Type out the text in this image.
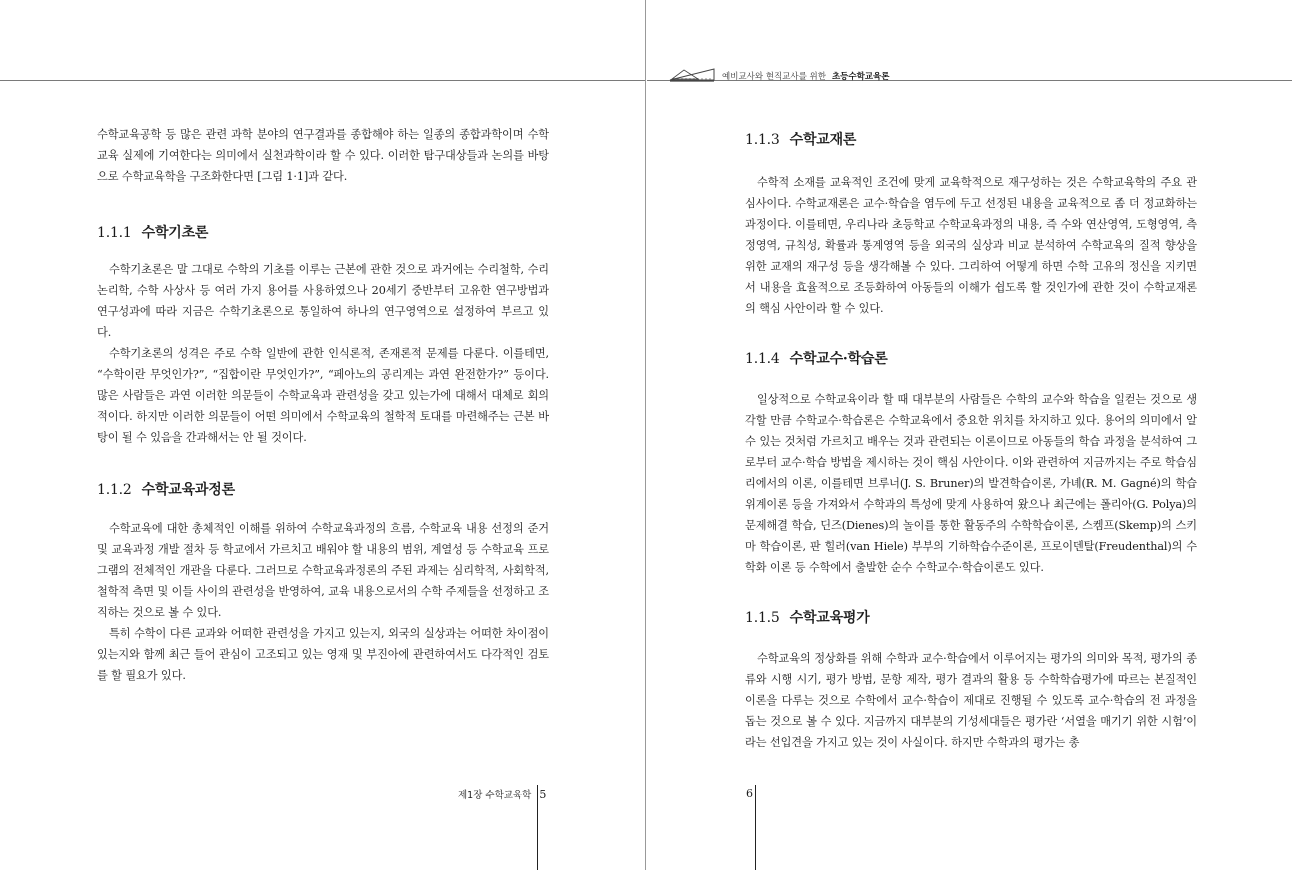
예비교사와 현직교사를 위한 초등수학교육론

수학교육공학 등 많은 관련 과학 분야의 연구결과를 종합해야 하는 일종의 종합과학이며 수학교육 실제에 기여한다는 의미에서 실천과학이라 할 수 있다. 이러한 탐구대상들과 논의를 바탕으로 수학교육학을 구조화한다면 [그림 1·1]과 같다.

1.1.1 수학기초론

수학기초론은 말 그대로 수학의 기초를 이루는 근본에 관한 것으로 과거에는 수리철학, 수리 논리학, 수학 사상사 등 여러 가지 용어를 사용하였으나 20세기 중반부터 고유한 연구방법과 연구성과에 따라 지금은 수학기초론으로 통일하여 하나의 연구영역으로 설정하여 부르고 있다.

수학기초론의 성격은 주로 수학 일반에 관한 인식론적, 존재론적 문제를 다룬다. 이를테면, “수학이란 무엇인가?”, “집합이란 무엇인가?”, “페아노의 공리계는 과연 완전한가?” 등이다. 많은 사람들은 과연 이러한 의문들이 수학교육과 관련성을 갖고 있는가에 대해서 대체로 회의적이다. 하지만 이러한 의문들이 어떤 의미에서 수학교육의 철학적 토대를 마련해주는 근본 바탕이 될 수 있음을 간과해서는 안 될 것이다.

1.1.2 수학교육과정론

수학교육에 대한 총체적인 이해를 위하여 수학교육과정의 흐름, 수학교육 내용 선정의 준거 및 교육과정 개발 절차 등 학교에서 가르치고 배워야 할 내용의 범위, 계열성 등 수학교육 프로그램의 전체적인 개관을 다룬다. 그러므로 수학교육과정론의 주된 과제는 심리학적, 사회학적, 철학적 측면 및 이들 사이의 관련성을 반영하여, 교육 내용으로서의 수학 주제들을 선정하고 조직하는 것으로 볼 수 있다.

특히 수학이 다른 교과와 어떠한 관련성을 가지고 있는지, 외국의 실상과는 어떠한 차이점이 있는지와 함께 최근 들어 관심이 고조되고 있는 영재 및 부진아에 관련하여서도 다각적인 검토를 할 필요가 있다.

제1장 수학교육학 5
1.1.3 수학교재론

수학적 소재를 교육적인 조건에 맞게 교육학적으로 재구성하는 것은 수학교육학의 주요 관심사이다. 수학교재론은 교수·학습을 염두에 두고 선정된 내용을 교육적으로 좀 더 정교화하는 과정이다. 이를테면, 우리나라 초등학교 수학교육과정의 내용, 즉 수와 연산영역, 도형영역, 측정영역, 규칙성, 확률과 통계영역 등을 외국의 실상과 비교 분석하여 수학교육의 질적 향상을 위한 교재의 재구성 등을 생각해볼 수 있다. 그리하여 어떻게 하면 수학 고유의 정신을 지키면서 내용을 효율적으로 조등화하여 아동들의 이해가 쉽도록 할 것인가에 관한 것이 수학교재론의 핵심 사안이라 할 수 있다.

1.1.4 수학교수·학습론

일상적으로 수학교육이라 할 때 대부분의 사람들은 수학의 교수와 학습을 일컫는 것으로 생각할 만큼 수학교수·학습론은 수학교육에서 중요한 위치를 차지하고 있다. 용어의 의미에서 알 수 있는 것처럼 가르치고 배우는 것과 관련되는 이론이므로 아동들의 학습 과정을 분석하여 그로부터 교수·학습 방법을 제시하는 것이 핵심 사안이다. 이와 관련하여 지금까지는 주로 학습심리에서의 이론, 이를테면 브루너(J. S. Bruner)의 발견학습이론, 가녜(R. M. Gagné)의 학습위계이론 등을 가져와서 수학과의 특성에 맞게 사용하여 왔으나 최근에는 폴리아(G. Polya)의 문제해결 학습, 딘즈(Dienes)의 놀이를 통한 활동주의 수학학습이론, 스켐프(Skemp)의 스키마 학습이론, 판 힐러(van Hiele) 부부의 기하학습수준이론, 프로이덴탈(Freudenthal)의 수학화 이론 등 수학에서 출발한 순수 수학교수·학습이론도 있다.

1.1.5 수학교육평가

수학교육의 정상화를 위해 수학과 교수·학습에서 이루어지는 평가의 의미와 목적, 평가의 종류와 시행 시기, 평가 방법, 문항 제작, 평가 결과의 활용 등 수학학습평가에 따르는 본질적인 이론을 다루는 것으로 수학에서 교수·학습이 제대로 진행될 수 있도록 교수·학습의 전 과정을 돕는 것으로 볼 수 있다. 지금까지 대부분의 기성세대들은 평가란 ‘서열을 매기기 위한 시험’이라는 선입견을 가지고 있는 것이 사실이다. 하지만 수학과의 평가는 총

6
